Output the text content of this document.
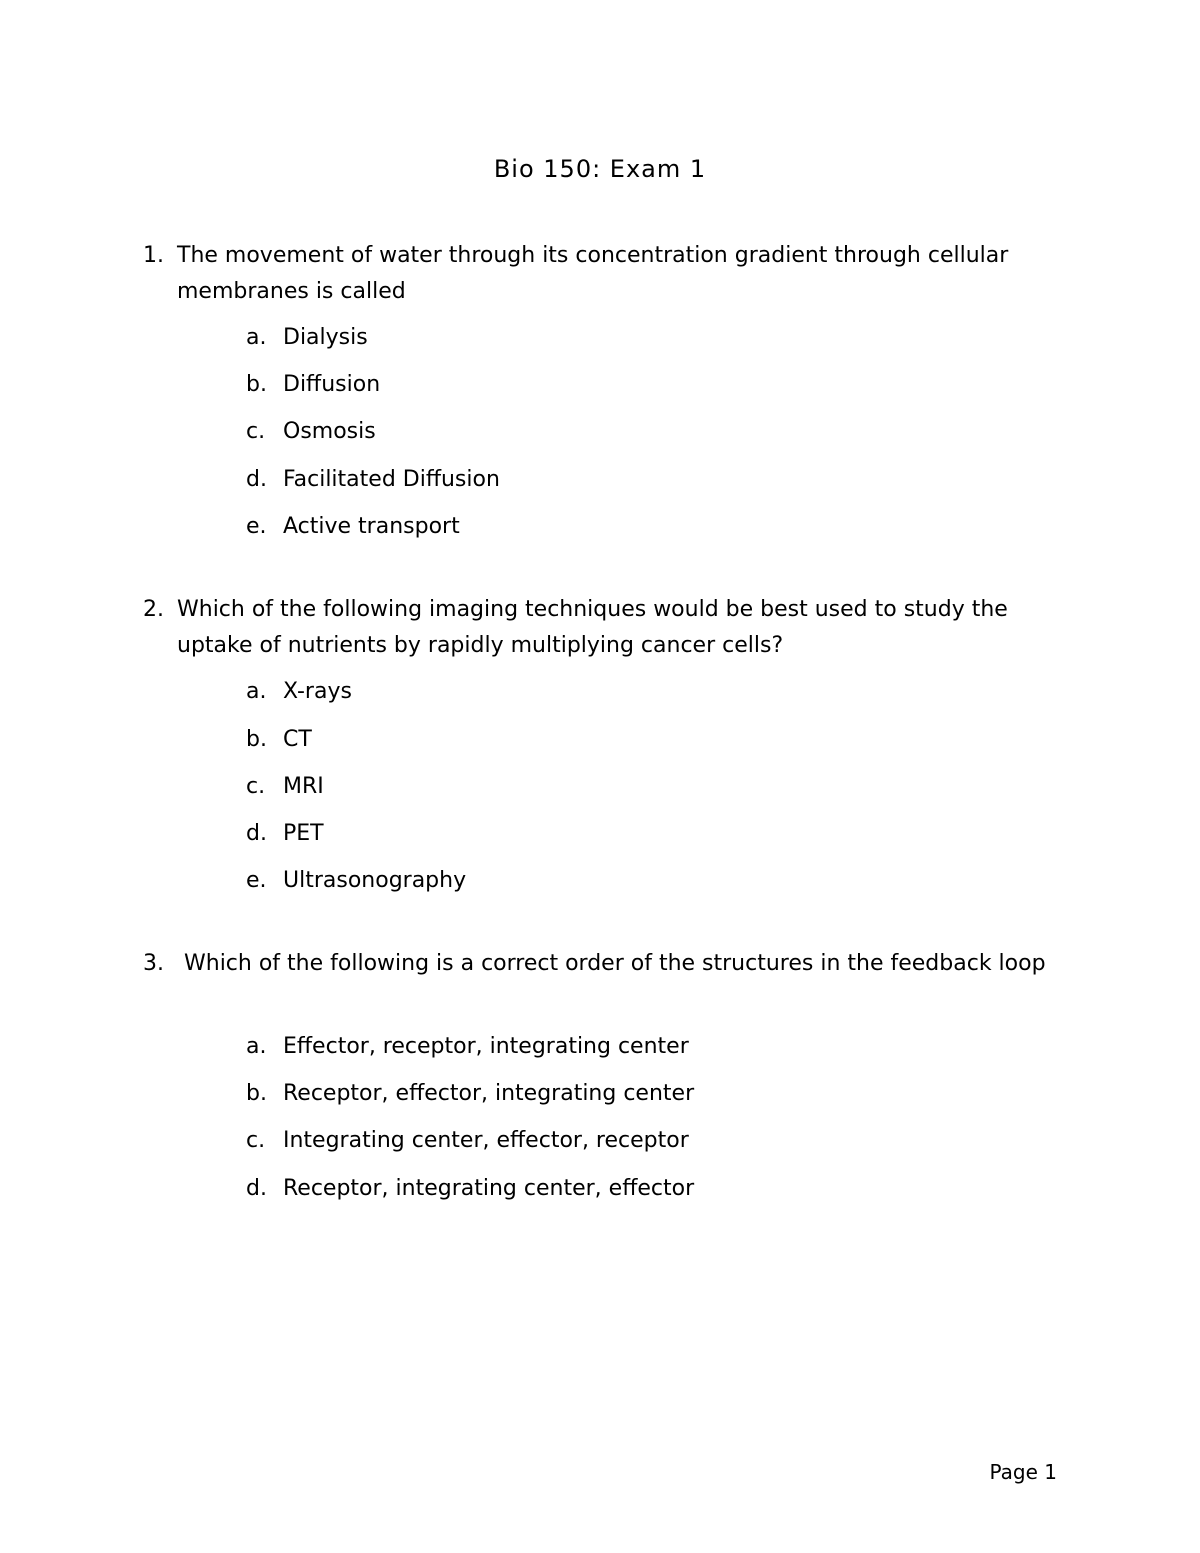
Bio 150: Exam 1
1. The movement of water through its concentration gradient through cellular membranes is called
a. Dialysis
b. Diffusion
c. Osmosis
d. Facilitated Diffusion
e. Active transport
2. Which of the following imaging techniques would be best used to study the uptake of nutrients by rapidly multiplying cancer cells?
a. X-rays
b. CT
c. MRI
d. PET
e. Ultrasonography
3. Which of the following is a correct order of the structures in the feedback loop
a. Effector, receptor, integrating center
b. Receptor, effector, integrating center
c. Integrating center, effector, receptor
d. Receptor, integrating center, effector
Page 1
